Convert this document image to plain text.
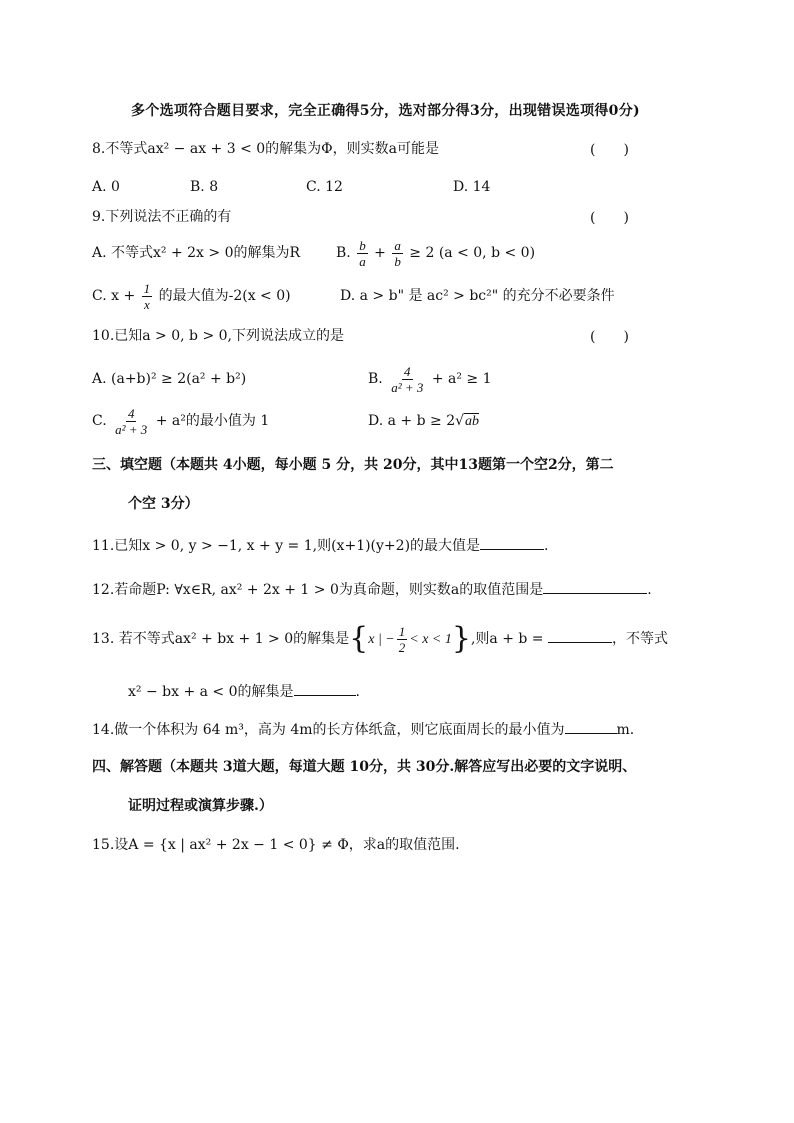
多个选项符合题目要求，完全正确得5分，选对部分得3分，出现错误选项得0分)
8.不等式ax² − ax + 3 < 0的解集为Φ，则实数a可能是	(　　)
A. 0	B. 8	C. 12	D. 14
9.下列说法不正确的有	(　　)
A. 不等式x² + 2x > 0的解集为R	B. $\frac{b}{a} + \frac{a}{b} \ge 2$ (a < 0, b < 0)
C. $x + \frac{1}{x}$ 的最大值为-2(x < 0)	D. a > b" 是 ac² > bc²" 的充分不必要条件
10.已知a > 0, b > 0,下列说法成立的是	(　　)
A. (a+b)² ≥ 2(a² + b²)	B. $\frac{4}{\text{a² + 3}} + a^2 \ge 1$
C. $\frac{4}{\text{a² + 3}} + a^2$的最小值为 1	D. a + b ≥ 2√ab
三、填空题（本题共 4小题，每小题 5 分，共 20分，其中13题第一个空2分，第二
个空 3分）
11.已知x > 0, y > −1, x + y = 1,则(x+1)(y+2)的最大值是	.
12.若命题P: ∀x∈R, ax² + 2x + 1 > 0为真命题，则实数a的取值范围是	.
13. 若不等式ax² + bx + 1 > 0的解集是{x | − $\frac{1}{2} < x < 1$},则a + b =	，不等式
x² − bx + a < 0的解集是	.
14.做一个体积为 64 m³，高为 4m的长方体纸盒，则它底面周长的最小值为	m.
四、解答题（本题共 3道大题，每道大题 10分，共 30分.解答应写出必要的文字说明、
证明过程或演算步骤.）
15.设A = {x | ax² + 2x − 1 < 0} ≠ Φ，求a的取值范围.
